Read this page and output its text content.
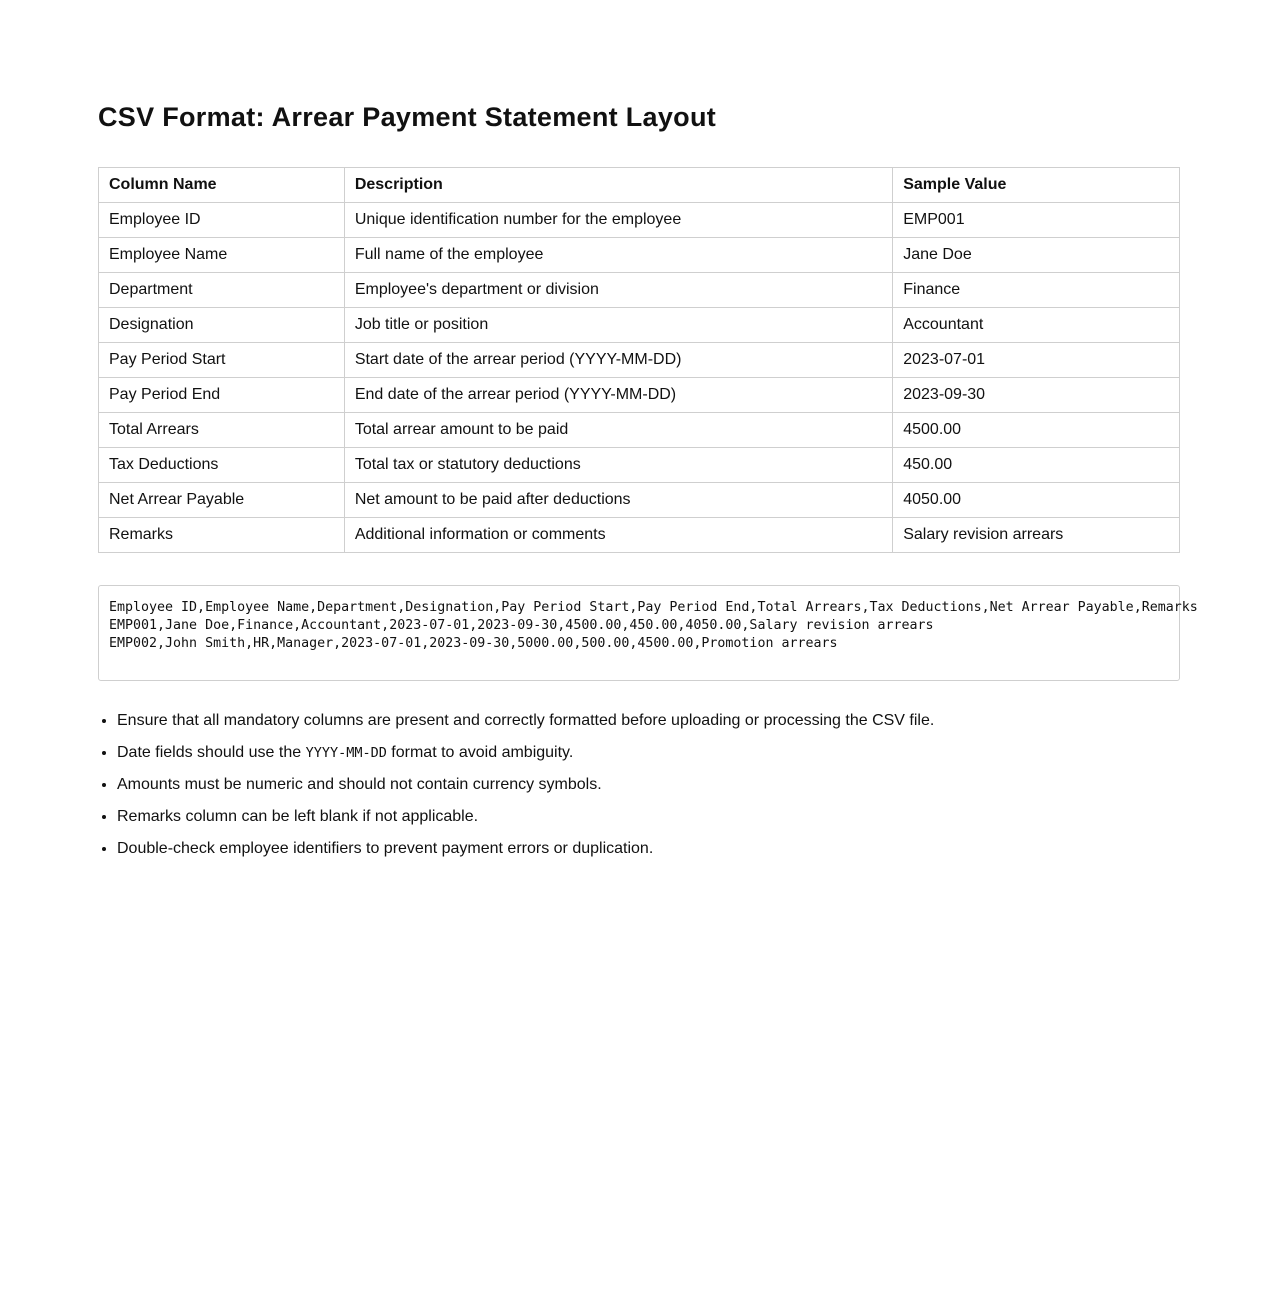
CSV Format: Arrear Payment Statement Layout
Column Name	Description	Sample Value
Employee ID	Unique identification number for the employee	EMP001
Employee Name	Full name of the employee	Jane Doe
Department	Employee's department or division	Finance
Designation	Job title or position	Accountant
Pay Period Start	Start date of the arrear period (YYYY-MM-DD)	2023-07-01
Pay Period End	End date of the arrear period (YYYY-MM-DD)	2023-09-30
Total Arrears	Total arrear amount to be paid	4500.00
Tax Deductions	Total tax or statutory deductions	450.00
Net Arrear Payable	Net amount to be paid after deductions	4050.00
Remarks	Additional information or comments	Salary revision arrears
Employee ID,Employee Name,Department,Designation,Pay Period Start,Pay Period End,Total Arrears,Tax Deductions,Net Arrear Payable,Remarks
EMP001,Jane Doe,Finance,Accountant,2023-07-01,2023-09-30,4500.00,450.00,4050.00,Salary revision arrears
EMP002,John Smith,HR,Manager,2023-07-01,2023-09-30,5000.00,500.00,4500.00,Promotion arrears
• Ensure that all mandatory columns are present and correctly formatted before uploading or processing the CSV file.
• Date fields should use the YYYY-MM-DD format to avoid ambiguity.
• Amounts must be numeric and should not contain currency symbols.
• Remarks column can be left blank if not applicable.
• Double-check employee identifiers to prevent payment errors or duplication.
